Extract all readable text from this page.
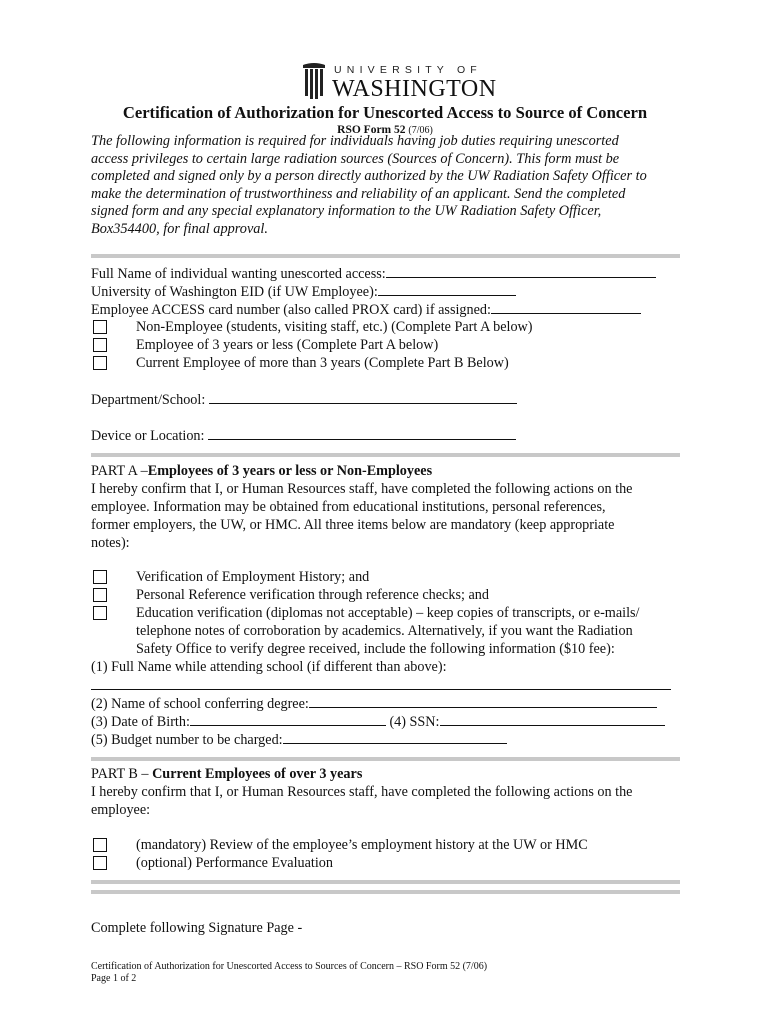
UNIVERSITY OF
WASHINGTON
Certification of Authorization for Unescorted Access to Source of Concern
RSO Form 52 (7/06)
The following information is required for individuals having job duties requiring unescorted
access privileges to certain large radiation sources (Sources of Concern). This form must be
completed and signed only by a person directly authorized by the UW Radiation Safety Officer to
make the determination of trustworthiness and reliability of an applicant. Send the completed
signed form and any special explanatory information to the UW Radiation Safety Officer,
Box354400, for final approval.
Full Name of individual wanting unescorted access:
University of Washington EID (if UW Employee):
Employee ACCESS card number (also called PROX card) if assigned:
Non-Employee (students, visiting staff, etc.) (Complete Part A below)
Employee of 3 years or less (Complete Part A below)
Current Employee of more than 3 years (Complete Part B Below)
Department/School:
Device or Location:
PART A –Employees of 3 years or less or Non-Employees
I hereby confirm that I, or Human Resources staff, have completed the following actions on the
employee. Information may be obtained from educational institutions, personal references,
former employers, the UW, or HMC. All three items below are mandatory (keep appropriate
notes):
Verification of Employment History; and
Personal Reference verification through reference checks; and
Education verification (diplomas not acceptable) – keep copies of transcripts, or e-mails/
telephone notes of corroboration by academics. Alternatively, if you want the Radiation
Safety Office to verify degree received, include the following information ($10 fee):
(1) Full Name while attending school (if different than above):
(2) Name of school conferring degree:
(3) Date of Birth:	(4) SSN:
(5) Budget number to be charged:
PART B – Current Employees of over 3 years
I hereby confirm that I, or Human Resources staff, have completed the following actions on the
employee:
(mandatory) Review of the employee’s employment history at the UW or HMC
(optional) Performance Evaluation
Complete following Signature Page -
Certification of Authorization for Unescorted Access to Sources of Concern – RSO Form 52 (7/06)
Page 1 of 2
